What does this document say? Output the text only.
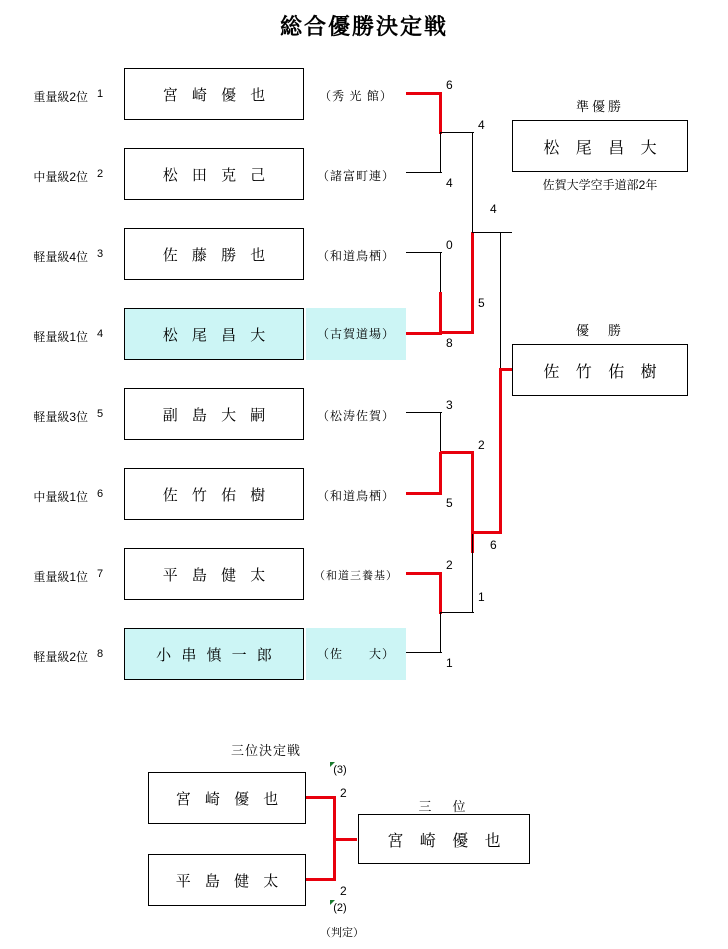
総合優勝決定戦
重量級2位 1	宮 崎 優 也	（秀 光 館）
中量級2位 2	松 田 克 己	（諸富町連）
軽量級4位 3	佐 藤 勝 也	（和道鳥栖）
軽量級1位 4	松 尾 昌 大	（古賀道場）
軽量級3位 5	副 島 大 嗣	（松涛佐賀）
中量級1位 6	佐 竹 佑 樹	（和道鳥栖）
重量級1位 7	平 島 健 太	（和道三養基）
軽量級2位 8	小 串 慎 一 郎	（佐　　大）
6
4
0
8
3
5
2
1
4
5
2
1
4
6
準優勝
松 尾 昌 大
佐賀大学空手道部2年
優　勝
佐 竹 佑 樹
三位決定戦
宮 崎 優 也
平 島 健 太
2
2
(3)
(2)
（判定）
三　位
宮 崎 優 也
